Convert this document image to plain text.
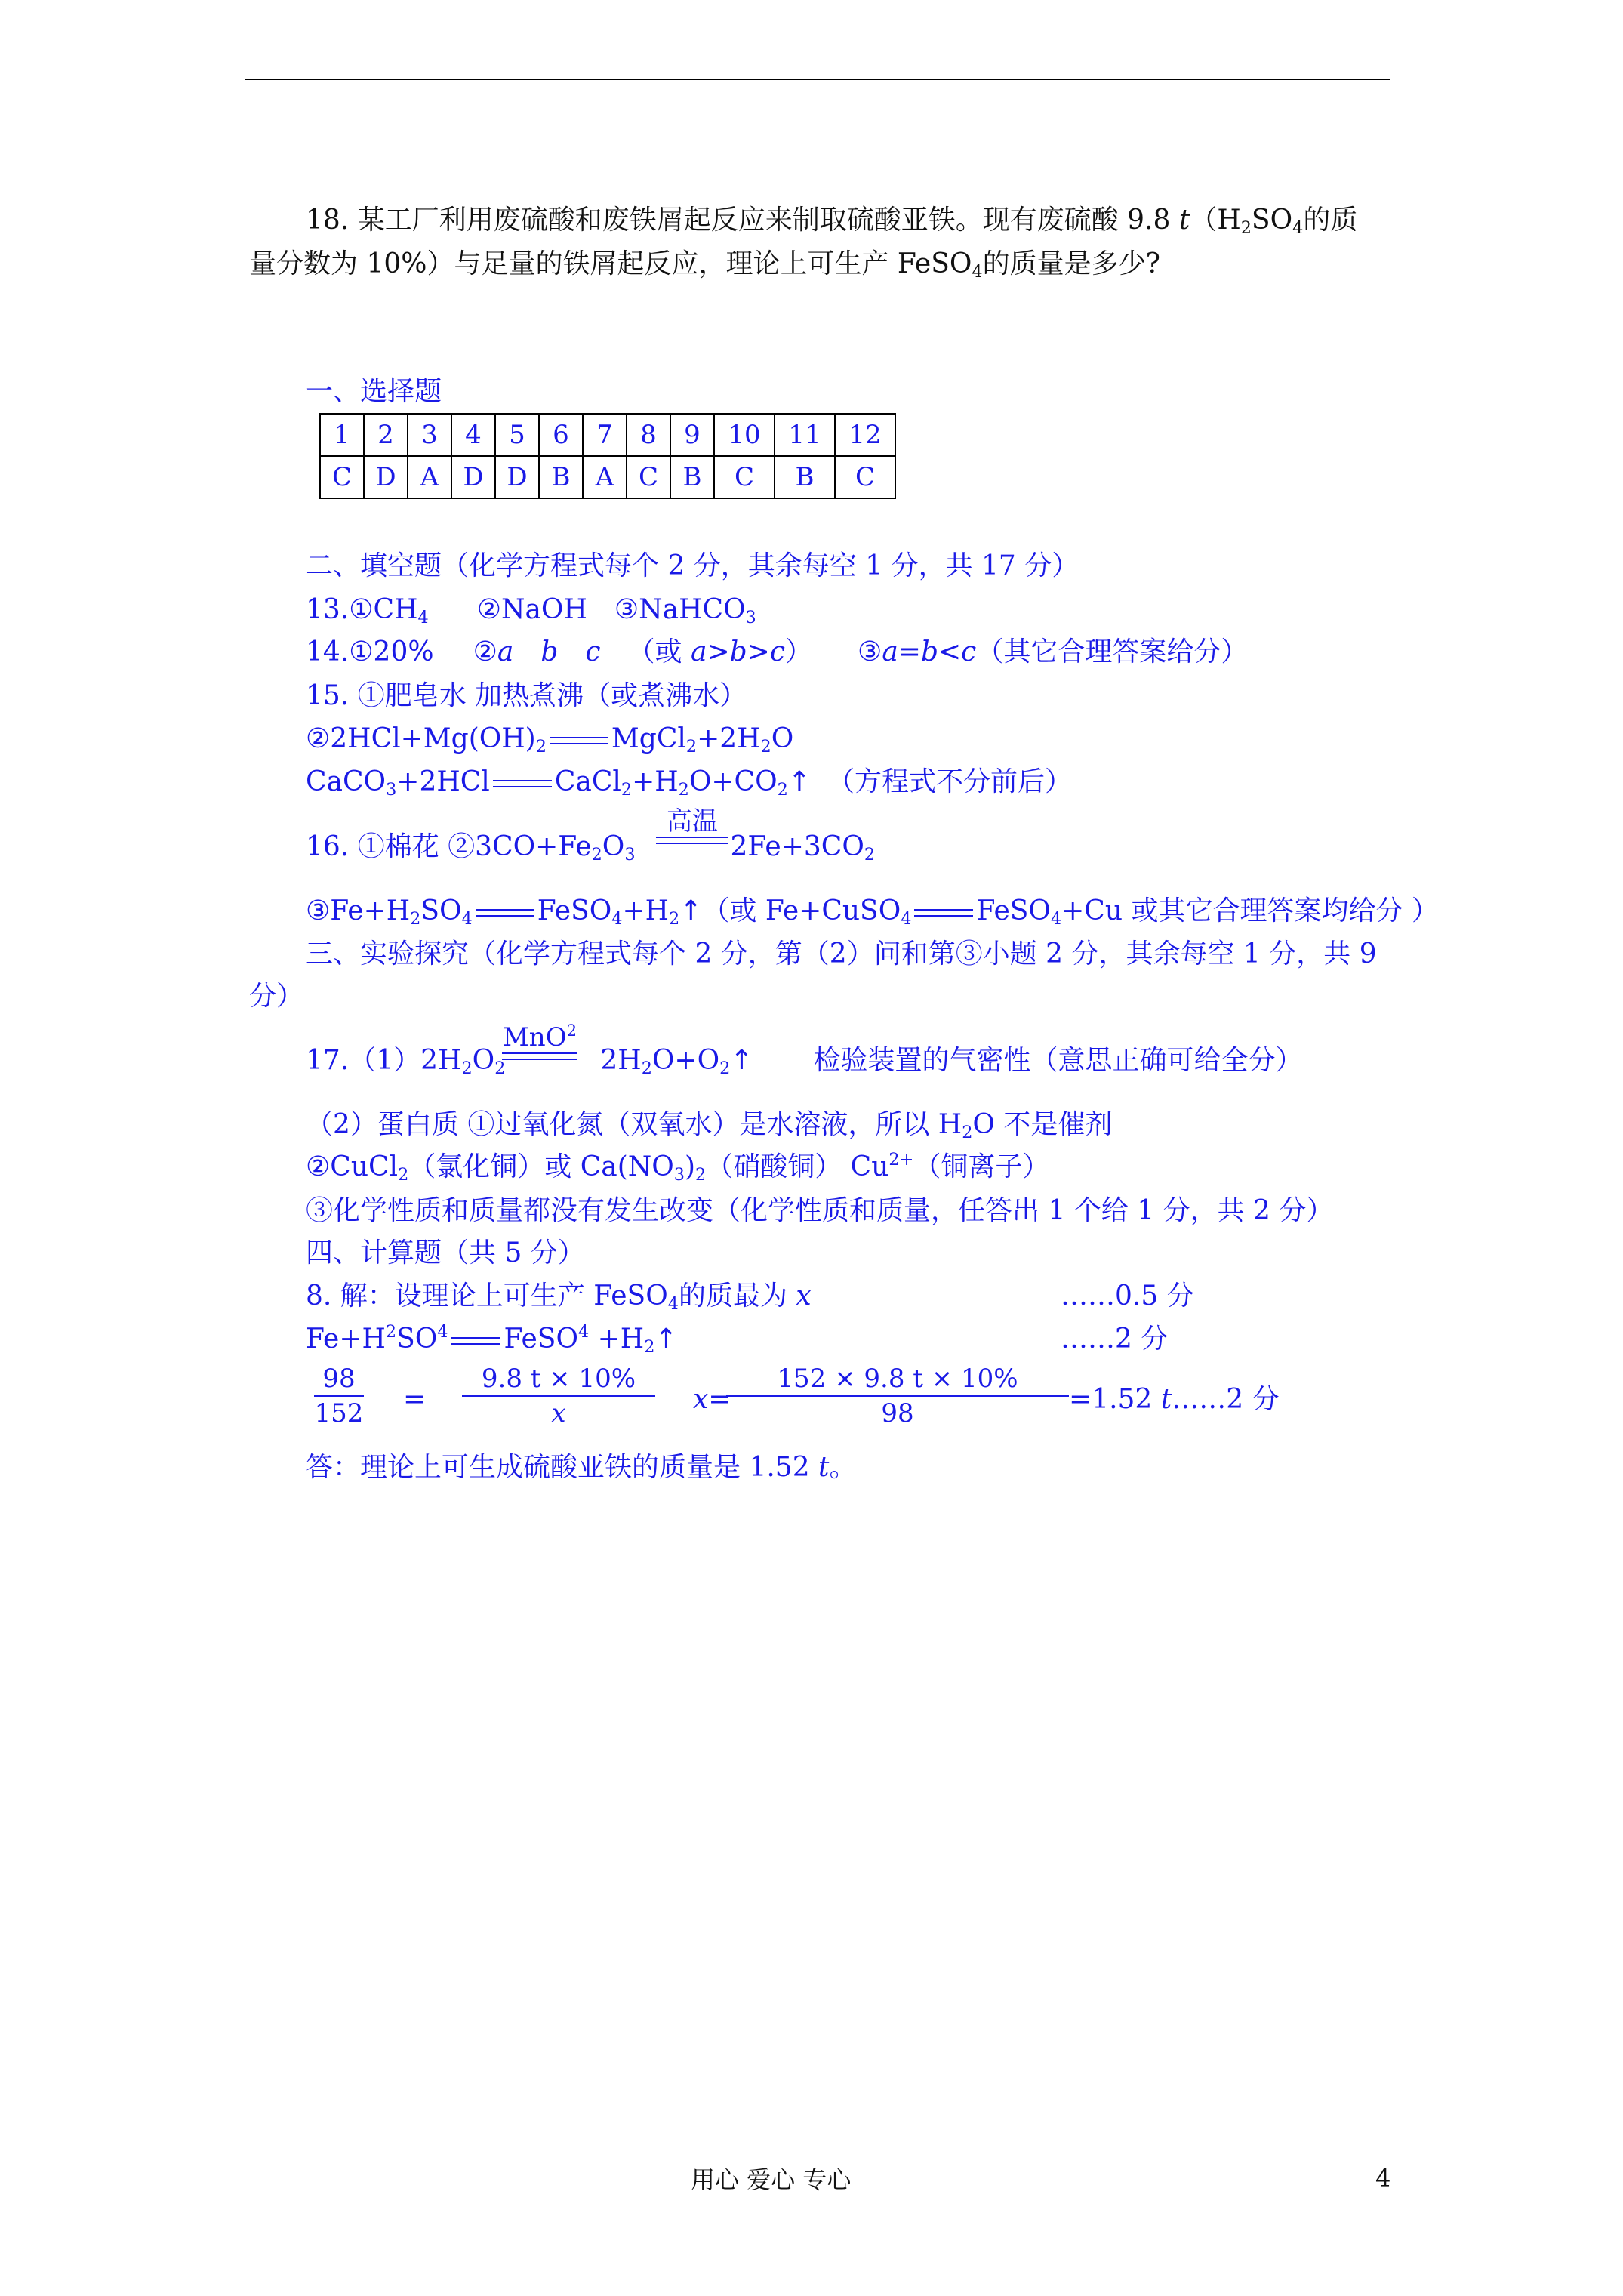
18. 某工厂利用废硫酸和废铁屑起反应来制取硫酸亚铁。现有废硫酸 9.8 $t(H_2SO_4$的质
量分数为 10%）与足量的铁屑起反应，理论上可生产 FeSO$_4$的质量是多少?
一、选择题
1	2	3	4	5	6	7	8	9	10	11	12
C	D	A	D	D	B	A	C	B	C	B	C
二、填空题（化学方程式每个 2 分，其余每空 1 分，共 17 分）
$13.①CH_4$ ②NaOH ③NaHCO$_3$
14.①20% ②a b c （或 a>b>c） ③a=b<c（其它合理答案给分）
15. ①肥皂水 加热煮沸（或煮沸水）
$②2HCl+Mg(OH)_2$ $MgCl_2+2H_2O$
CaCO$_3$+2HCl $CaCl_2+H_2O+CO_2↑$ （方程式不分前后）
16. ①棉花 $②3CO+Fe_2O_3$	$2Fe+3CO_2$
高温
$③Fe+H_2SO_4$ $FeSO_4+H_2↑$（或 Fe+CuSO$_4$ FeSO$_4$+Cu 或其它合理答案均给分 ）
三、实验探究（化学方程式每个 2 分，第（2）问和第③小题 2 分，其余每空 1 分，共 9
分）
$17.(1)2H_2O_2$	$2H_2O+O_2↑$ 检验装置的气密性（意思正确可给全分）
MnO$^2$
（2）蛋白质 ①过氧化氮（双氧水）是水溶液，所以 $H_2O$ 不是催剂
②CuCl$_2$（氯化铜）或 $Ca(NO_3)_2$（硝酸铜） $Cu^{2+}$（铜离子）
③化学性质和质量都没有发生改变（化学性质和质量，任答出 1 个给 1 分，共 2 分）
四、计算题（共 5 分）
8. 解：设理论上可生产 FeSO$_4$的质最为 x	……0.5 分
$Fe+H^2SO^4$ FeSO$^4$ $+H_2↑$	……2 分
98
152 =
9.8 t × 10%
x	x=
152 × 9.8 t × 10%
98	=1.52 t……2 分
答：理论上可生成硫酸亚铁的质量是 1.52 t。
用心 爱心 专心	4
